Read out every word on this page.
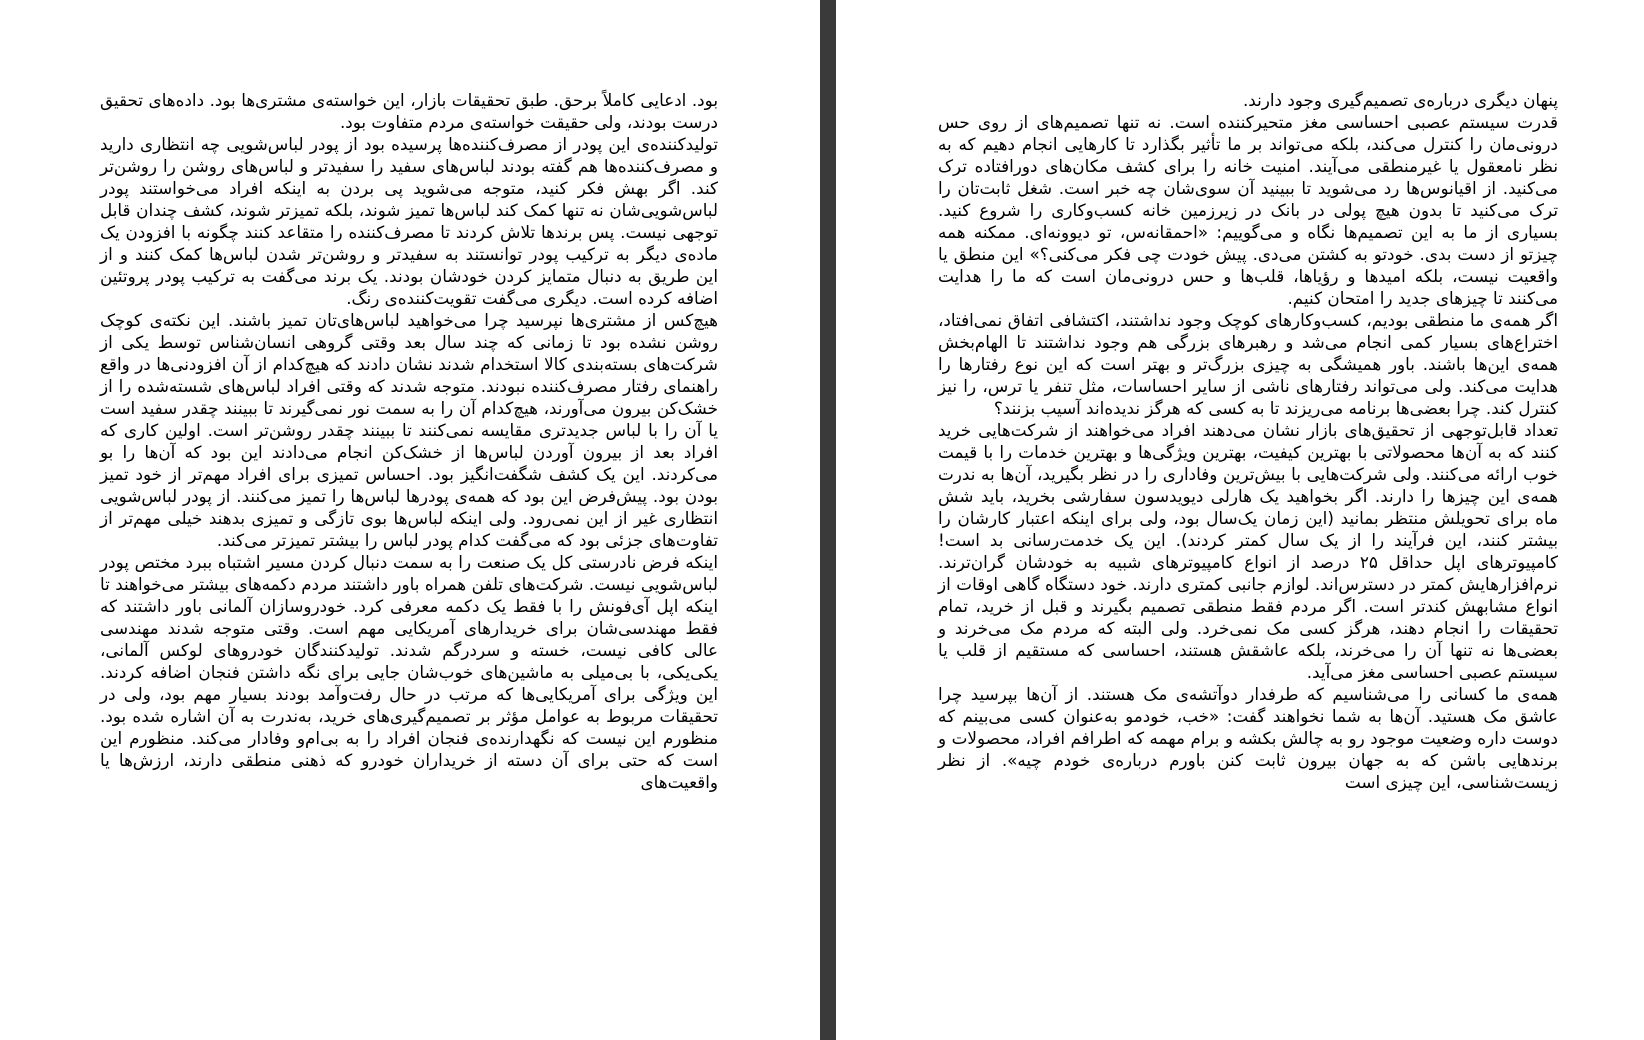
بود. ادعایی کاملاً برحق. طبق تحقیقات بازار، این خواسته‌ی مشتری‌ها بود. داده‌های تحقیق درست بودند، ولی حقیقت خواسته‌ی مردم متفاوت بود.

تولیدکننده‌ی این پودر از مصرف‌کننده‌ها پرسیده بود از پودر لباس‌شویی چه انتظاری دارید و مصرف‌کننده‌ها هم گفته بودند لباس‌های سفید را سفیدتر و لباس‌های روشن را روشن‌تر کند. اگر بهش فکر کنید، متوجه می‌شوید پی بردن به اینکه افراد می‌خواستند پودر لباس‌شویی‌شان نه تنها کمک کند لباس‌ها تمیز شوند، بلکه تمیزتر شوند، کشف چندان قابل توجهی نیست. پس برندها تلاش کردند تا مصرف‌کننده را متقاعد کنند چگونه با افزودن یک ماده‌ی دیگر به ترکیب پودر توانستند به سفیدتر و روشن‌تر شدن لباس‌ها کمک کنند و از این طریق به دنبال متمایز کردن خودشان بودند. یک برند می‌گفت به ترکیب پودر پروتئین اضافه کرده است. دیگری می‌گفت تقویت‌کننده‌ی رنگ.

هیچ‌کس از مشتری‌ها نپرسید چرا می‌خواهید لباس‌های‌تان تمیز باشند. این نکته‌ی کوچک روشن نشده بود تا زمانی که چند سال بعد وقتی گروهی انسان‌شناس توسط یکی از شرکت‌های بسته‌بندی کالا استخدام شدند نشان دادند که هیچ‌کدام از آن افزودنی‌ها در واقع راهنمای رفتار مصرف‌کننده نبودند. متوجه شدند که وقتی افراد لباس‌های شسته‌شده را از خشک‌کن بیرون می‌آورند، هیچ‌کدام آن را به سمت نور نمی‌گیرند تا ببینند چقدر سفید است یا آن را با لباس جدیدتری مقایسه نمی‌کنند تا ببینند چقدر روشن‌تر است. اولین کاری که افراد بعد از بیرون آوردن لباس‌ها از خشک‌کن انجام می‌دادند این بود که آن‌ها را بو می‌کردند. این یک کشف شگفت‌انگیز بود. احساس تمیزی برای افراد مهم‌تر از خود تمیز بودن بود. پیش‌فرض این بود که همه‌ی پودرها لباس‌ها را تمیز می‌کنند. از پودر لباس‌شویی انتظاری غیر از این نمی‌رود. ولی اینکه لباس‌ها بوی تازگی و تمیزی بدهند خیلی مهم‌تر از تفاوت‌های جزئی بود که می‌گفت کدام پودر لباس را بیشتر تمیزتر می‌کند.

اینکه فرض نادرستی کل یک صنعت را به سمت دنبال کردن مسیر اشتباه ببرد مختص پودر لباس‌شویی نیست. شرکت‌های تلفن همراه باور داشتند مردم دکمه‌های بیشتر می‌خواهند تا اینکه اپل آی‌فونش را با فقط یک دکمه معرفی کرد. خودروسازان آلمانی باور داشتند که فقط مهندسی‌شان برای خریدارهای آمریکایی مهم است. وقتی متوجه شدند مهندسی عالی کافی نیست، خسته و سردرگم شدند. تولیدکنندگان خودروهای لوکس آلمانی، یکی‌یکی، با بی‌میلی به ماشین‌های خوب‌شان جایی برای نگه داشتن فنجان اضافه کردند. این ویژگی برای آمریکایی‌ها که مرتب در حال رفت‌وآمد بودند بسیار مهم بود، ولی در تحقیقات مربوط به عوامل مؤثر بر تصمیم‌گیری‌های خرید، به‌ندرت به آن اشاره شده بود. منظورم این نیست که نگهدارنده‌ی فنجان افراد را به بی‌ام‌و وفادار می‌کند. منظورم این است که حتی برای آن دسته از خریداران خودرو که ذهنی منطقی دارند، ارزش‌ها یا واقعیت‌های

پنهان دیگری درباره‌ی تصمیم‌گیری وجود دارند.

قدرت سیستم عصبی احساسی مغز متحیرکننده است. نه تنها تصمیم‌های از روی حس درونی‌مان را کنترل می‌کند، بلکه می‌تواند بر ما تأثیر بگذارد تا کارهایی انجام دهیم که به نظر نامعقول یا غیرمنطقی می‌آیند. امنیت خانه را برای کشف مکان‌های دورافتاده ترک می‌کنید. از اقیانوس‌ها رد می‌شوید تا ببینید آن سوی‌شان چه خبر است. شغل ثابت‌تان را ترک می‌کنید تا بدون هیچ پولی در بانک در زیرزمین خانه کسب‌وکاری را شروع کنید. بسیاری از ما به این تصمیم‌ها نگاه و می‌گوییم: «احمقانه‌س، تو دیوونه‌ای. ممکنه همه چیزتو از دست بدی. خودتو به کشتن می‌دی. پیش خودت چی فکر می‌کنی؟» این منطق یا واقعیت نیست، بلکه امیدها و رؤیاها، قلب‌ها و حس درونی‌مان است که ما را هدایت می‌کنند تا چیزهای جدید را امتحان کنیم.

اگر همه‌ی ما منطقی بودیم، کسب‌وکارهای کوچک وجود نداشتند، اکتشافی اتفاق نمی‌افتاد، اختراع‌های بسیار کمی انجام می‌شد و رهبرهای بزرگی هم وجود نداشتند تا الهام‌بخش همه‌ی این‌ها باشند. باور همیشگی به چیزی بزرگ‌تر و بهتر است که این نوع رفتارها را هدایت می‌کند. ولی می‌تواند رفتارهای ناشی از سایر احساسات، مثل تنفر یا ترس، را نیز کنترل کند. چرا بعضی‌ها برنامه می‌ریزند تا به کسی که هرگز ندیده‌اند آسیب بزنند؟

تعداد قابل‌توجهی از تحقیق‌های بازار نشان می‌دهند افراد می‌خواهند از شرکت‌هایی خرید کنند که به آن‌ها محصولاتی با بهترین کیفیت، بهترین ویژگی‌ها و بهترین خدمات را با قیمت خوب ارائه می‌کنند. ولی شرکت‌هایی با بیش‌ترین وفاداری را در نظر بگیرید، آن‌ها به ندرت همه‌ی این چیزها را دارند. اگر بخواهید یک هارلی دیویدسون سفارشی بخرید، باید شش ماه برای تحویلش منتظر بمانید (این زمان یک‌سال بود، ولی برای اینکه اعتبار کارشان را بیشتر کنند، این فرآیند را از یک سال کمتر کردند). این یک خدمت‌رسانی بد است! کامپیوترهای اپل حداقل ۲۵ درصد از انواع کامپیوترهای شبیه به خودشان گران‌ترند. نرم‌افزارهایش کمتر در دسترس‌اند. لوازم جانبی کمتری دارند. خود دستگاه گاهی اوقات از انواع مشابهش کندتر است. اگر مردم فقط منطقی تصمیم بگیرند و قبل از خرید، تمام تحقیقات را انجام دهند، هرگز کسی مک نمی‌خرد. ولی البته که مردم مک می‌خرند و بعضی‌ها نه تنها آن را می‌خرند، بلکه عاشقش هستند، احساسی که مستقیم از قلب یا سیستم عصبی احساسی مغز می‌آید.

همه‌ی ما کسانی را می‌شناسیم که طرفدار دوآتشه‌ی مک هستند. از آن‌ها بپرسید چرا عاشق مک هستید. آن‌ها به شما نخواهند گفت: «خب، خودمو به‌عنوان کسی می‌بینم که دوست داره وضعیت موجود رو به چالش بکشه و برام مهمه که اطرافم افراد، محصولات و برندهایی باشن که به جهان بیرون ثابت کنن باورم درباره‌ی خودم چیه». از نظر زیست‌شناسی، این چیزی است
